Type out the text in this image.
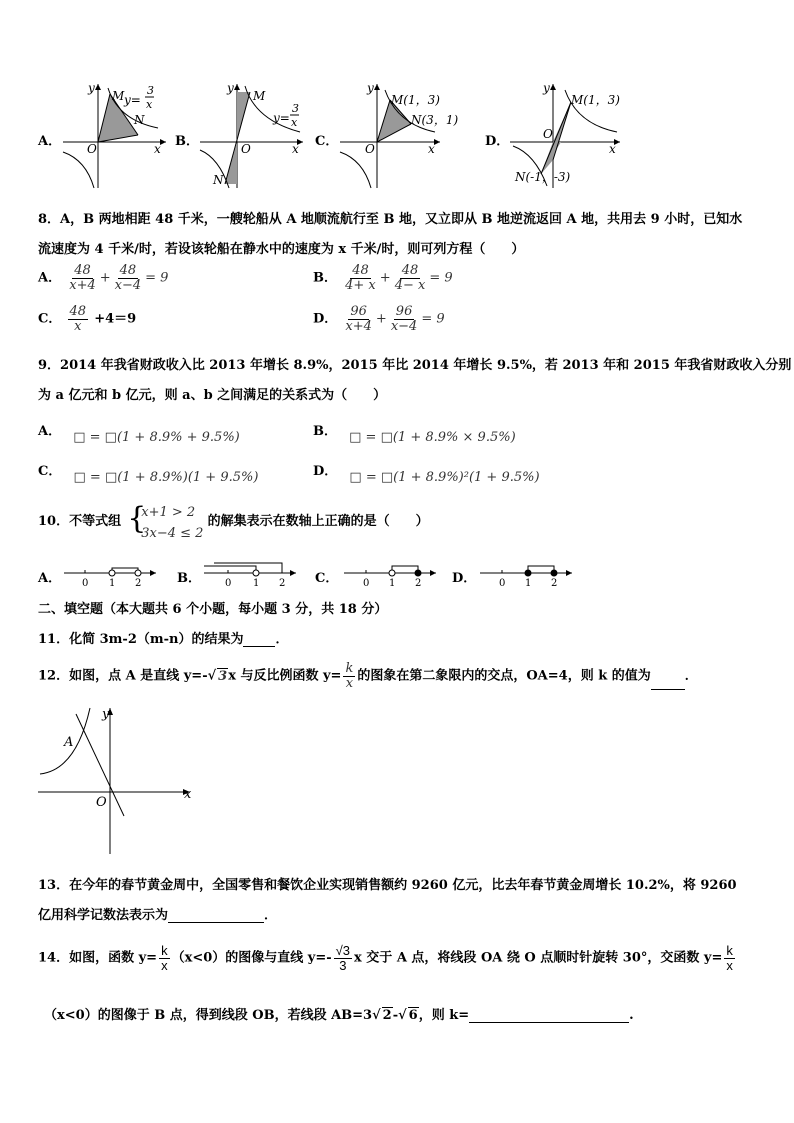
A．
M y=
3
x
N
O	x
y
B．
M
y=
3
x
N
O	x
y
C．
M(1，3)
N(3，1)
O	x
y
D．
M(1，3)
N(-1，-3)
O
x
y
8．A，B 两地相距 48 千米，一艘轮船从 A 地顺流航行至 B 地，又立即从 B 地逆流返回 A 地，共用去 9 小时，已知水
流速度为 4 千米/时，若设该轮船在静水中的速度为 x 千米/时，则可列方程（　　）
A． $\frac{48}{x+4} + \frac{48}{x-4} = 9$	B． $\frac{48}{4+ x} + \frac{48}{4- x} = 9$
C． $\frac{48}{x} +4=9$	D． $\frac{96}{x+4} + \frac{96}{x-4} = 9$
9．2014 年我省财政收入比 2013 年增长 8.9%，2015 年比 2014 年增长 9.5%，若 2013 年和 2015 年我省财政收入分别
为 a 亿元和 b 亿元，则 a、b 之间满足的关系式为（　　）
A． □ = □(1 + 8.9% + 9.5%)	B． □ = □(1 + 8.9% × 9.5%)
C． □ = □(1 + 8.9%)(1 + 9.5%)	D． □ = □(1 + 8.9%)²(1 + 9.5%)
10．不等式组 {
x+1 > 2
3x−4 ≤ 2
的解集表示在数轴上正确的是（　　）
A． 0 1 2	B． 0 1 2 C． 0 1 2 D． 0 1 2
二、填空题（本大题共 6 个小题，每小题 3 分，共 18 分）
11．化简 3m-2（m-n）的结果为 ．
12．如图，点 A 是直线 y=-√ 3x 与反比例函数 $y= \frac{k}{x}$ 的图象在第二象限内的交点，OA=4，则 k 的值为	．
A
O
x
y
13．在今年的春节黄金周中，全国零售和餐饮企业实现销售额约 9260 亿元，比去年春节黄金周增长 10.2%，将 9260
亿用科学记数法表示为	．
14．如图，函数 $y= \frac{k}{x} (x<0)$的图像与直线 $y=- \frac{√3}{3}$ x 交于 A 点，将线段 OA 绕 O 点顺时针旋转 30°，交函数 $y= \frac{k}{x}$
（x<0）的图像于 B 点，得到线段 OB，若线段 AB=3√ 2-√ 6，则 k=	.
